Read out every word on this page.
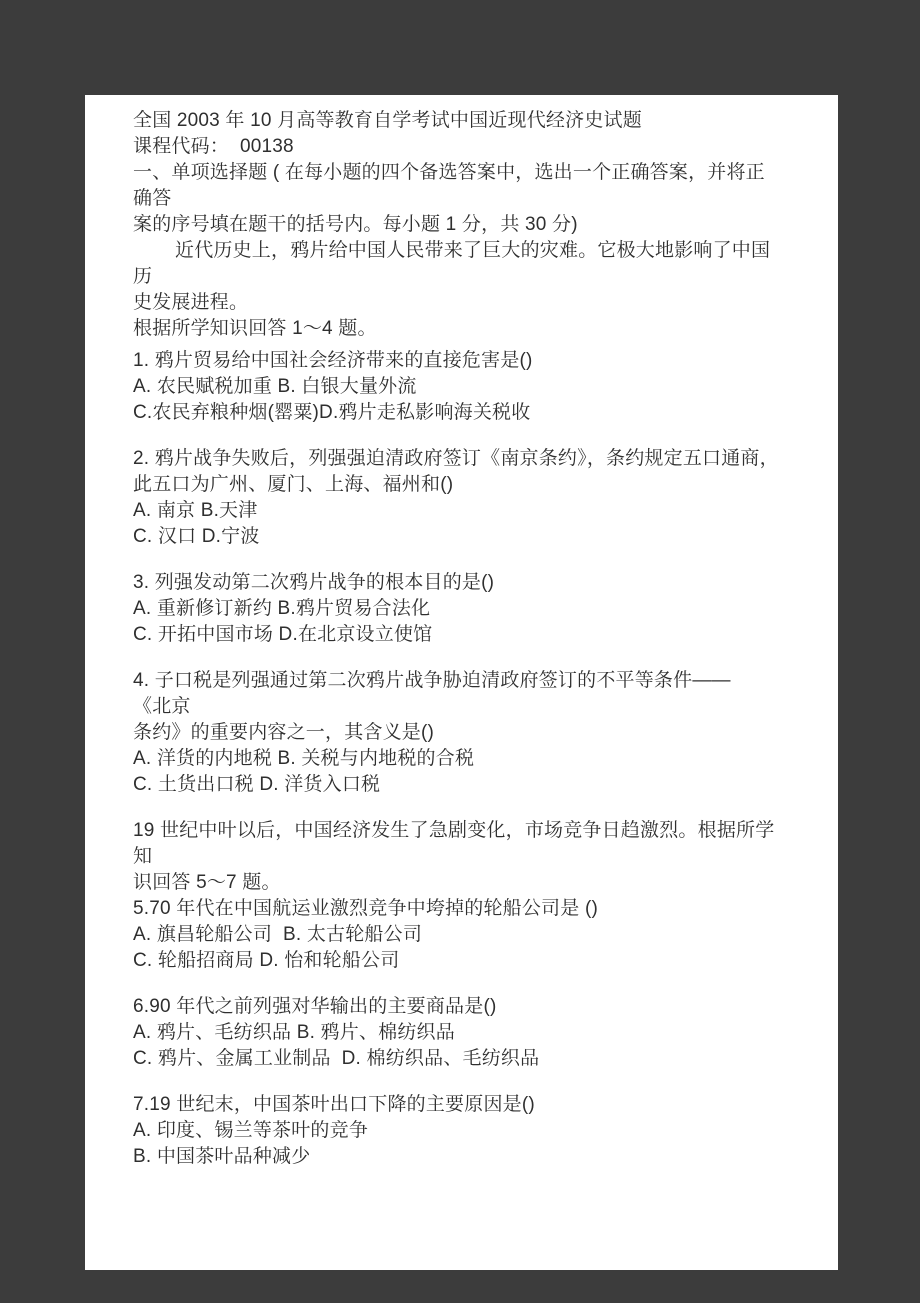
全国 2003 年 10 月高等教育自学考试中国近现代经济史试题

课程代码：  00138

一、单项选择题 ( 在每小题的四个备选答案中，选出一个正确答案，并将正

确答

案的序号填在题干的括号内。每小题 1 分，共 30 分)

近代历史上，鸦片给中国人民带来了巨大的灾难。它极大地影响了中国

历

史发展进程。

根据所学知识回答 1～4 题。

1. 鸦片贸易给中国社会经济带来的直接危害是()

A. 农民赋税加重 B. 白银大量外流

C.农民弃粮种烟(罂粟)D.鸦片走私影响海关税收

2. 鸦片战争失败后，列强强迫清政府签订《南京条约》，条约规定五口通商，

此五口为广州、厦门、上海、福州和()

A. 南京 B.天津

C. 汉口 D.宁波

3. 列强发动第二次鸦片战争的根本目的是()

A. 重新修订新约 B.鸦片贸易合法化

C. 开拓中国市场 D.在北京设立使馆

4. 子口税是列强通过第二次鸦片战争胁迫清政府签订的不平等条件——

《北京

条约》的重要内容之一，其含义是()

A. 洋货的内地税 B. 关税与内地税的合税

C. 土货出口税 D. 洋货入口税

19 世纪中叶以后，中国经济发生了急剧变化，市场竞争日趋激烈。根据所学

知

识回答 5～7 题。

5.70 年代在中国航运业激烈竞争中垮掉的轮船公司是 ()

A. 旗昌轮船公司  B. 太古轮船公司

C. 轮船招商局 D. 怡和轮船公司

6.90 年代之前列强对华输出的主要商品是()

A. 鸦片、毛纺织品 B. 鸦片、棉纺织品

C. 鸦片、金属工业制品  D. 棉纺织品、毛纺织品

7.19 世纪末，中国茶叶出口下降的主要原因是()

A. 印度、锡兰等茶叶的竞争

B. 中国茶叶品种减少
